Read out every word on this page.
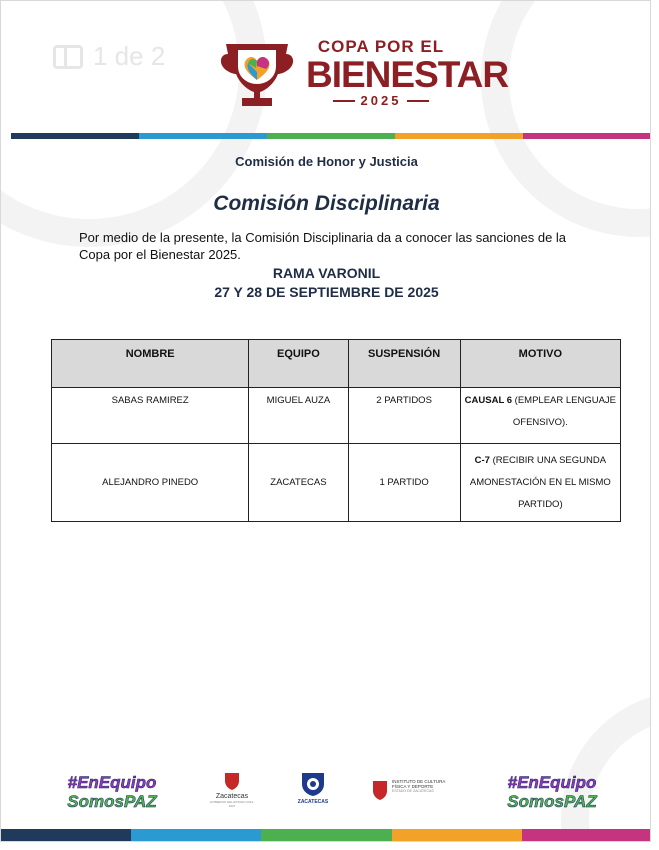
1 de 2	COPA POR EL
BIENESTAR
2025
Comisión de Honor y Justicia
Comisión Disciplinaria
Por medio de la presente, la Comisión Disciplinaria da a conocer las sanciones de la Copa por el Bienestar 2025.
RAMA VARONIL
27 Y 28 DE SEPTIEMBRE DE 2025
NOMBRE	EQUIPO	SUSPENSIÓN	MOTIVO
SABAS RAMIREZ	MIGUEL AUZA	2 PARTIDOS	CAUSAL 6 (EMPLEAR LENGUAJE OFENSIVO).
ALEJANDRO PINEDO	ZACATECAS	1 PARTIDO	C-7 (RECIBIR UNA SEGUNDA AMONESTACIÓN EN EL MISMO PARTIDO)
#EnEquipo
SomosPAZ	Zacatecas
GOBIERNO DEL ESTADO 2021-2027
ZACATECAS
INSTITUTO DE CULTURA FÍSICA Y DEPORTE
ESTADO DE ZACATECAS	#EnEquipo
SomosPAZ
